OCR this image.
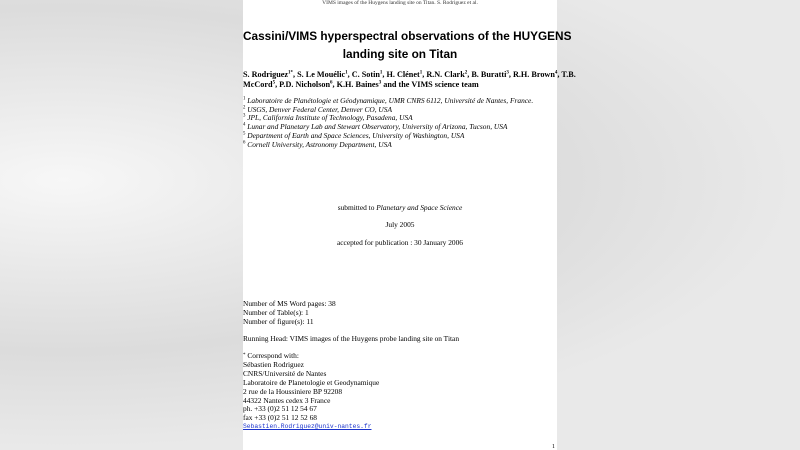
VIMS images of the Huygens landing site on Titan. S. Rodriguez et al.
Cassini/VIMS hyperspectral observations of the HUYGENS
landing site on Titan
S. Rodriguez$^{1*}$, S. Le Mouélic$^1$, C. Sotin$^1$, H. Clénet$^1$, R.N. Clark$^2$, B. Buratti$^3$, R.H. Brown$^4$, T.B.
McCord$^5$, P.D. Nicholson$^6$, K.H. Baines$^3$ and the VIMS science team
$^1$ Laboratoire de Planétologie et Géodynamique, UMR CNRS 6112, Université de Nantes, France.
$^2$ USGS, Denver Federal Center, Denver CO, USA
$^3$ JPL, California Institute of Technology, Pasadena, USA
$^4$ Lunar and Planetary Lab and Stewart Observatory, University of Arizona, Tucson, USA
$^5$ Department of Earth and Space Sciences, University of Washington, USA
$^6$ Cornell University, Astronomy Department, USA
submitted to Planetary and Space Science
July 2005
accepted for publication : 30 January 2006
Number of MS Word pages: 38
Number of Table(s): 1
Number of figure(s): 11
Running Head: VIMS images of the Huygens probe landing site on Titan
* Correspond with:
Sébastien Rodriguez
CNRS/Université de Nantes
Laboratoire de Planetologie et Geodynamique
2 rue de la Houssiniere BP 92208
44322 Nantes cedex 3 France
ph. +33 (0)2 51 12 54 67
fax +33 (0)2 51 12 52 68
Sebastien.Rodriguez@univ-nantes.fr
1
